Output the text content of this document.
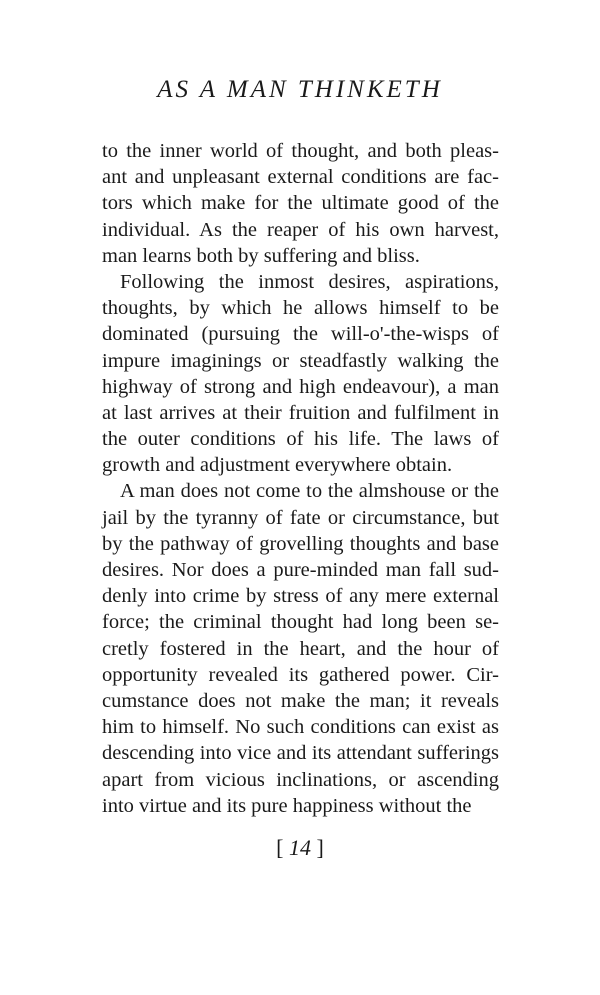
AS A MAN THINKETH
to the inner world of thought, and both pleas-
ant and unpleasant external conditions are fac-
tors which make for the ultimate good of the
individual. As the reaper of his own harvest,
man learns both by suffering and bliss.
Following the inmost desires, aspirations,
thoughts, by which he allows himself to be
dominated (pursuing the will-o'-the-wisps of
impure imaginings or steadfastly walking the
highway of strong and high endeavour), a man
at last arrives at their fruition and fulfilment in
the outer conditions of his life. The laws of
growth and adjustment everywhere obtain.
A man does not come to the almshouse or the
jail by the tyranny of fate or circumstance, but
by the pathway of grovelling thoughts and base
desires. Nor does a pure-minded man fall sud-
denly into crime by stress of any mere external
force; the criminal thought had long been se-
cretly fostered in the heart, and the hour of
opportunity revealed its gathered power. Cir-
cumstance does not make the man; it reveals
him to himself. No such conditions can exist as
descending into vice and its attendant sufferings
apart from vicious inclinations, or ascending
into virtue and its pure happiness without the
[ 14 ]
